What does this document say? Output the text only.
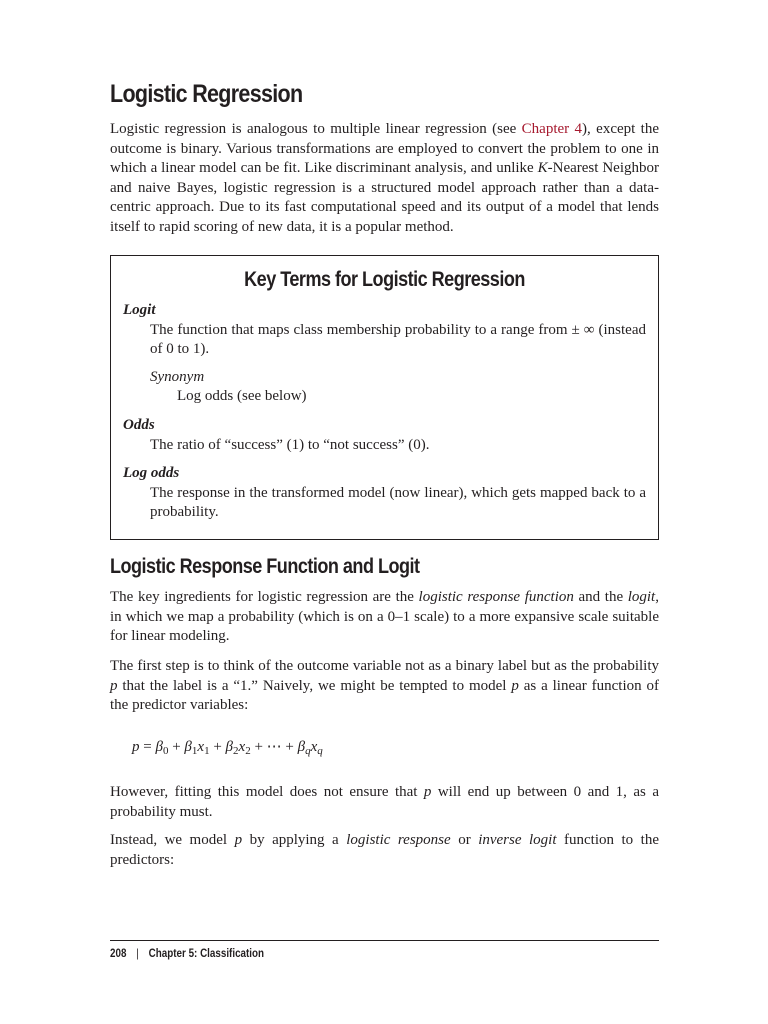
Logistic Regression

Logistic regression is analogous to multiple linear regression (see Chapter 4), except the outcome is binary. Various transformations are employed to convert the problem to one in which a linear model can be fit. Like discriminant analysis, and unlike K-Nearest Neighbor and naive Bayes, logistic regression is a structured model approach rather than a data-centric approach. Due to its fast computational speed and its output of a model that lends itself to rapid scoring of new data, it is a popular method.

Key Terms for Logistic Regression
Logit
The function that maps class membership probability to a range from ± ∞ (instead of 0 to 1).
Synonym
Log odds (see below)
Odds
The ratio of “success” (1) to “not success” (0).
Log odds
The response in the transformed model (now linear), which gets mapped back to a probability.
Logistic Response Function and Logit

The key ingredients for logistic regression are the logistic response function and the logit, in which we map a probability (which is on a 0–1 scale) to a more expansive scale suitable for linear modeling.

The first step is to think of the outcome variable not as a binary label but as the probability p that the label is a “1.” Naively, we might be tempted to model p as a linear function of the predictor variables:

$p = \beta_0 + \beta_1x_1 + \beta_2x_2$ + ⋯ + $\beta_qx_q$

However, fitting this model does not ensure that p will end up between 0 and 1, as a probability must.

Instead, we model p by applying a logistic response or inverse logit function to the predictors:

208 | Chapter 5: Classification
